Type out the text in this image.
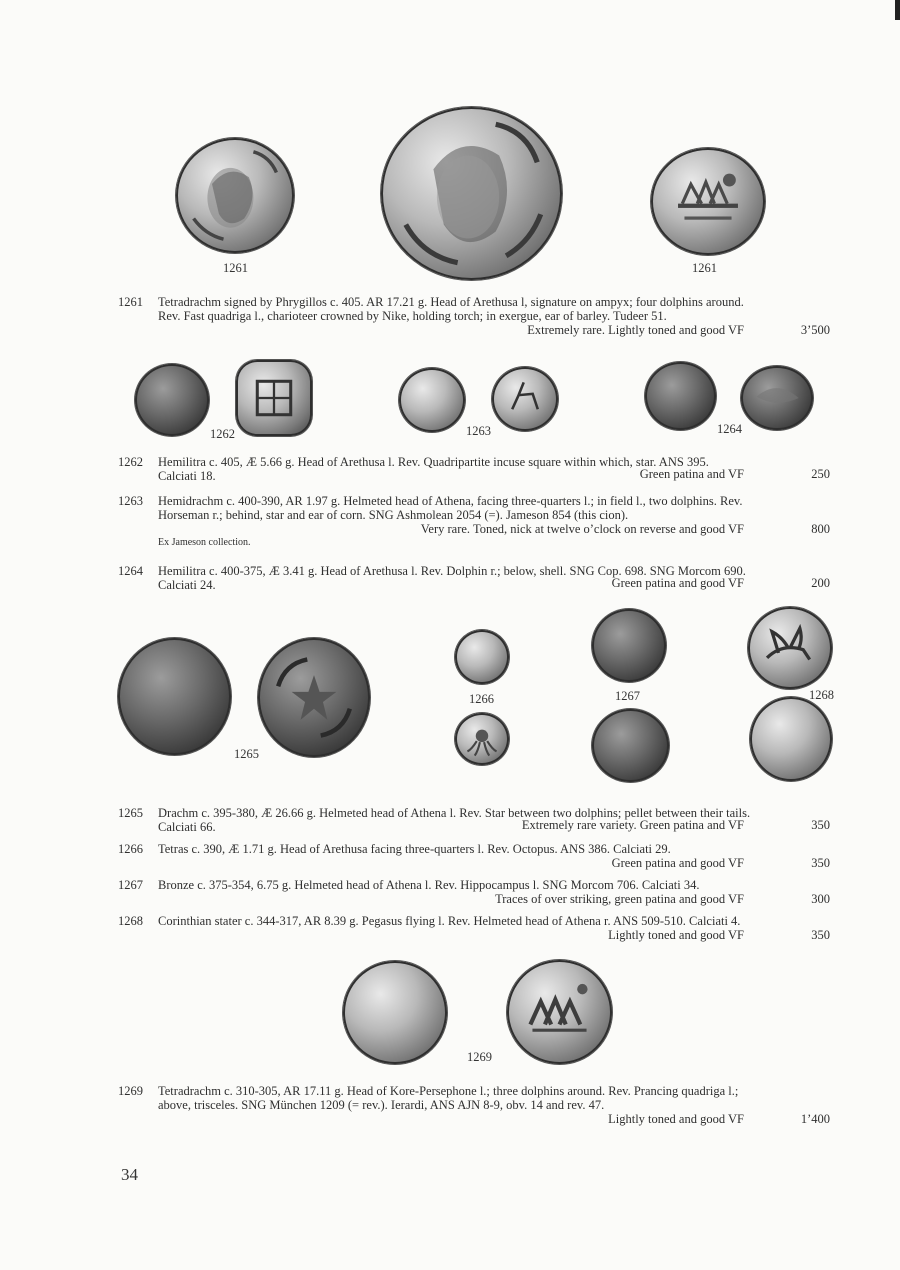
1261	1261
1262	1263	1264
1265
1266	1267	1268
1269
1261	Tetradrachm signed by Phrygillos c. 405. AR 17.21 g. Head of Arethusa l, signature on ampyx; four dolphins around.
Rev. Fast quadriga l., charioteer crowned by Nike, holding torch; in exergue, ear of barley. Tudeer 51.
Extremely rare. Lightly toned and good VF	3’500
1262	Hemilitra c. 405, Æ 5.66 g. Head of Arethusa l. Rev. Quadripartite incuse square within which, star. ANS 395.
Calciati 18.	Green patina and VF	250
1263	Hemidrachm c. 400-390, AR 1.97 g. Helmeted head of Athena, facing three-quarters l.; in field l., two dolphins. Rev.
Horseman r.; behind, star and ear of corn. SNG Ashmolean 2054 (=). Jameson 854 (this cion).
Very rare. Toned, nick at twelve o’clock on reverse and good VF	800
Ex Jameson collection.
1264	Hemilitra c. 400-375, Æ 3.41 g. Head of Arethusa l. Rev. Dolphin r.; below, shell. SNG Cop. 698. SNG Morcom 690.
Calciati 24.	Green patina and good VF	200
1265	Drachm c. 395-380, Æ 26.66 g. Helmeted head of Athena l. Rev. Star between two dolphins; pellet between their tails.
Calciati 66.	Extremely rare variety. Green patina and VF	350
1266	Tetras c. 390, Æ 1.71 g. Head of Arethusa facing three-quarters l. Rev. Octopus. ANS 386. Calciati 29.
Green patina and good VF	350
1267	Bronze c. 375-354, 6.75 g. Helmeted head of Athena l. Rev. Hippocampus l. SNG Morcom 706. Calciati 34.
Traces of over striking, green patina and good VF	300
1268	Corinthian stater c. 344-317, AR 8.39 g. Pegasus flying l. Rev. Helmeted head of Athena r. ANS 509-510. Calciati 4.
Lightly toned and good VF	350
1269	Tetradrachm c. 310-305, AR 17.11 g. Head of Kore-Persephone l.; three dolphins around. Rev. Prancing quadriga l.;
above, trisceles. SNG München 1209 (= rev.). Ierardi, ANS AJN 8-9, obv. 14 and rev. 47.
Lightly toned and good VF	1’400
34
